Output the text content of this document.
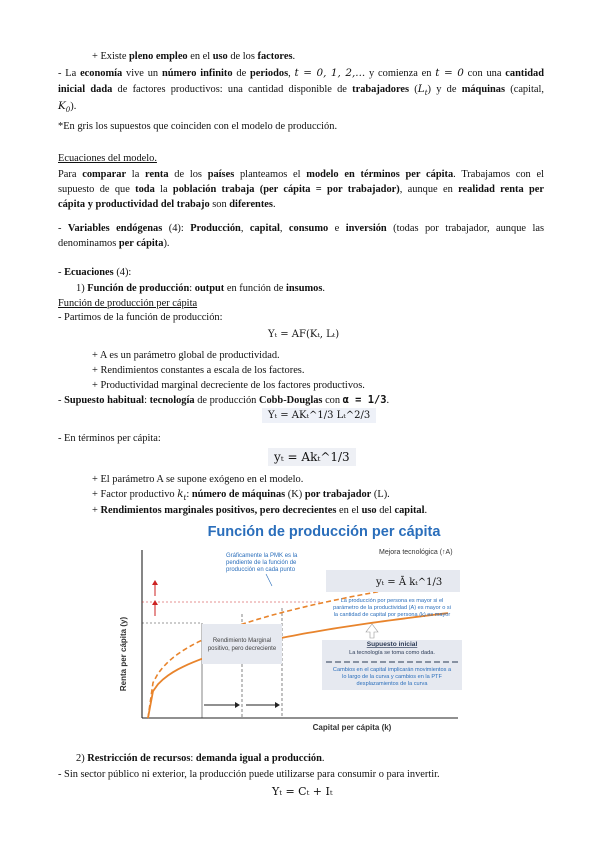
+ Existe pleno empleo en el uso de los factores.
- La economía vive un número infinito de periodos, t = 0, 1, 2,... y comienza en t = 0 con una cantidad
inicial dada de factores productivos: una cantidad disponible de trabajadores $(L_t)$ y de máquinas (capital,
$K_0$).
*En gris los supuestos que coinciden con el modelo de producción.
Ecuaciones del modelo.
Para comparar la renta de los países planteamos el modelo en términos per cápita. Trabajamos con el
supuesto de que toda la población trabaja (per cápita = por trabajador), aunque en realidad renta per
cápita y productividad del trabajo son diferentes.
- Variables endógenas (4): Producción, capital, consumo e inversión (todas por trabajador, aunque las
denominamos per cápita).
- Ecuaciones (4):
1) Función de producción: output en función de insumos.
Función de producción per cápita
- Partimos de la función de producción:
Yₜ = AF(Kₜ, Lₜ)
+ A es un parámetro global de productividad.
+ Rendimientos constantes a escala de los factores.
+ Productividad marginal decreciente de los factores productivos.
- Supuesto habitual: tecnología de producción Cobb-Douglas con α = 1/3.
Yₜ = AKₜ^1/3 Lₜ^2/3
- En términos per cápita:
yₜ = Akₜ^1/3
+ El parámetro A se supone exógeno en el modelo.
+ Factor productivo $k_t$: número de máquinas (K) por trabajador (L).
+ Rendimientos marginales positivos, pero decrecientes en el uso del capital.
Función de producción per cápita
Renta per cápita (y)
Capital per cápita (k)
Gráficamente la PMK es la
pendiente de la función de
producción en cada punto
Rendimiento Marginal
positivo, pero decreciente
Mejora tecnológica (↑A)
yₜ = Ā kₜ^1/3
La producción por persona es mayor si el
parámetro de la productividad (A) es mayor o si
la cantidad de capital por persona (k) es mayor
Supuesto inicial
La tecnología se toma como dada.
Cambios en el capital implicarán movimientos a
lo largo de la curva y cambios en la PTF
desplazamientos de la curva
2) Restricción de recursos: demanda igual a producción.
- Sin sector público ni exterior, la producción puede utilizarse para consumir o para invertir.
Yₜ = Cₜ + Iₜ
